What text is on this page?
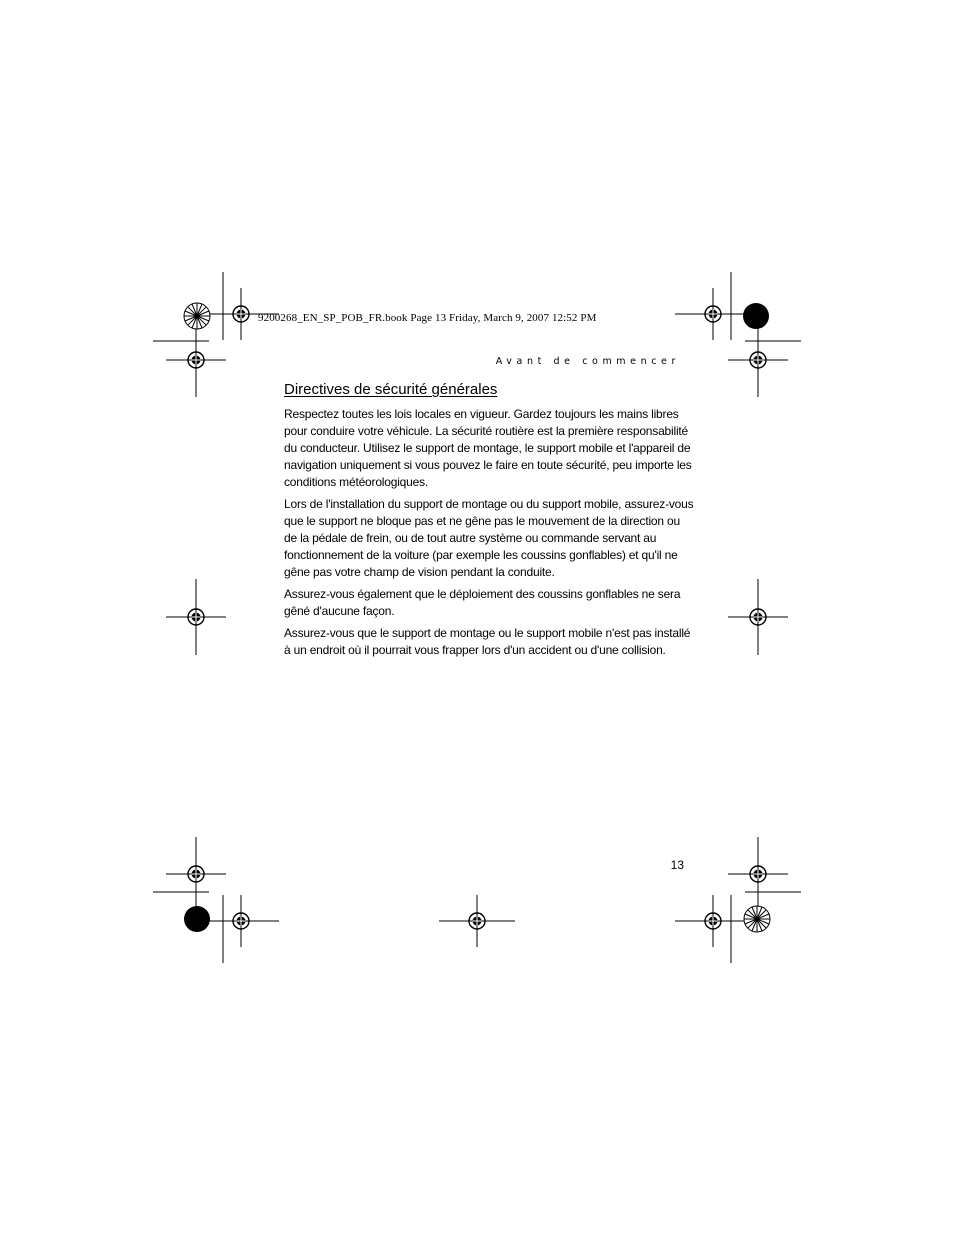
9200268_EN_SP_POB_FR.book Page 13 Friday, March 9, 2007 12:52 PM
Avant de commencer
Directives de sécurité générales

Respectez toutes les lois locales en vigueur. Gardez toujours les mains libres pour conduire votre véhicule. La sécurité routière est la première responsabilité du conducteur. Utilisez le support de montage, le support mobile et l'appareil de navigation uniquement si vous pouvez le faire en toute sécurité, peu importe les conditions météorologiques.

Lors de l'installation du support de montage ou du support mobile, assurez-vous que le support ne bloque pas et ne gêne pas le mouvement de la direction ou de la pédale de frein, ou de tout autre système ou commande servant au fonctionnement de la voiture (par exemple les coussins gonflables) et qu'il ne gêne pas votre champ de vision pendant la conduite.

Assurez-vous également que le déploiement des coussins gonflables ne sera gêné d'aucune façon.

Assurez-vous que le support de montage ou le support mobile n'est pas installé à un endroit où il pourrait vous frapper lors d'un accident ou d'une collision.

13
